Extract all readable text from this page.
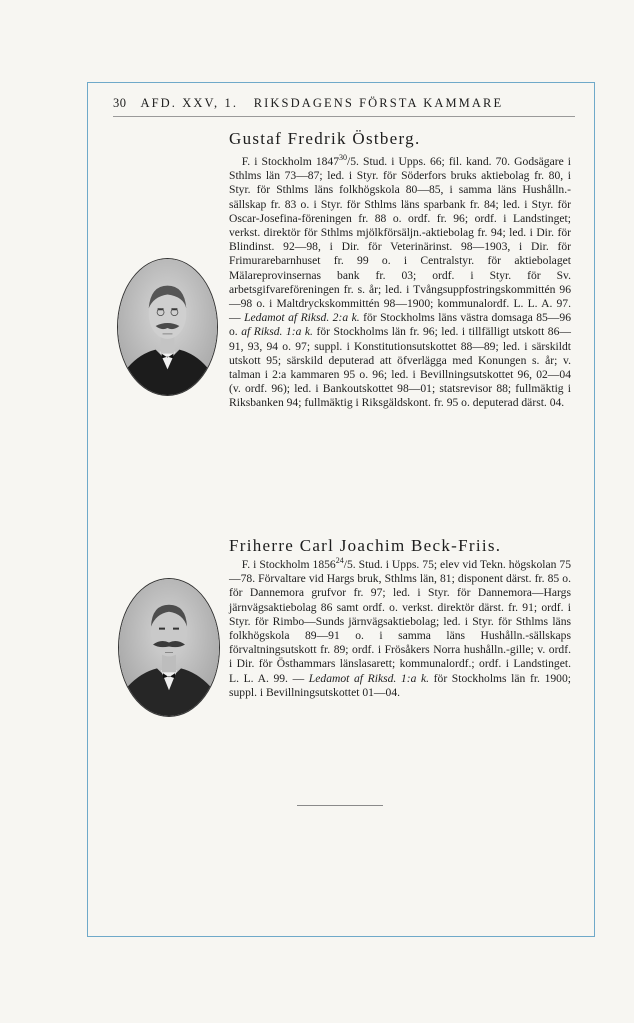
30 AFD. XXV, 1.   RIKSDAGENS FÖRSTA KAMMARE
Gustaf Fredrik Östberg.
F. i Stockholm 1847$^{30}$/5. Stud. i Upps. 66; fil. kand. 70. Godsägare i Sthlms län 73—87; led. i Styr. för Söderfors bruks aktiebolag fr. 80, i Styr. för Sthlms läns folkhögskola 80—85, i samma läns Hushålln.-sällskap fr. 83 o. i Styr. för Sthlms läns sparbank fr. 84; led. i Styr. för Oscar-Josefina-föreningen fr. 88 o. ordf. fr. 96; ordf. i Landstinget; verkst. direktör för Sthlms mjölkförsäljn.-aktiebolag fr. 94; led. i Dir. för Blindinst. 92—98, i Dir. för Veterinärinst. 98—1903, i Dir. för Frimurarebarnhuset fr. 99 o. i Centralstyr. för aktiebolaget Mälareprovinsernas bank fr. 03; ordf. i Styr. för Sv. arbetsgifvareföreningen fr. s. år; led. i Tvångsuppfostringskommittén 96—98 o. i Maltdryckskommittén 98—1900; kommunalordf. L. L. A. 97. — Ledamot af Riksd. 2:a k. för Stockholms läns västra domsaga 85—96 o. af Riksd. 1:a k. för Stockholms län fr. 96; led. i tillfälligt utskott 86—91, 93, 94 o. 97; suppl. i Konstitutionsutskottet 88—89; led. i särskildt utskott 95; särskild deputerad att öfverlägga med Konungen s. år; v. talman i 2:a kammaren 95 o. 96; led. i Bevillningsutskottet 96, 02—04 (v. ordf. 96); led. i Bankoutskottet 98—01; statsrevisor 88; fullmäktig i Riksbanken 94; fullmäktig i Riksgäldskont. fr. 95 o. deputerad därst. 04.
Friherre Carl Joachim Beck-Friis.
F. i Stockholm 1856$^{24}$/5. Stud. i Upps. 75; elev vid Tekn. högskolan 75—78. Förvaltare vid Hargs bruk, Sthlms län, 81; disponent därst. fr. 85 o. för Dannemora grufvor fr. 97; led. i Styr. för Dannemora—Hargs järnvägsaktiebolag 86 samt ordf. o. verkst. direktör därst. fr. 91; ordf. i Styr. för Rimbo—Sunds järnvägsaktiebolag; led. i Styr. för Sthlms läns folkhögskola 89—91 o. i samma läns Hushålln.-sällskaps förvaltningsutskott fr. 89; ordf. i Frösåkers Norra hushålln.-gille; v. ordf. i Dir. för Östhammars länslasarett; kommunalordf.; ordf. i Landstinget. L. L. A. 99. — Ledamot af Riksd. 1:a k. för Stockholms län fr. 1900; suppl. i Bevillningsutskottet 01—04.
